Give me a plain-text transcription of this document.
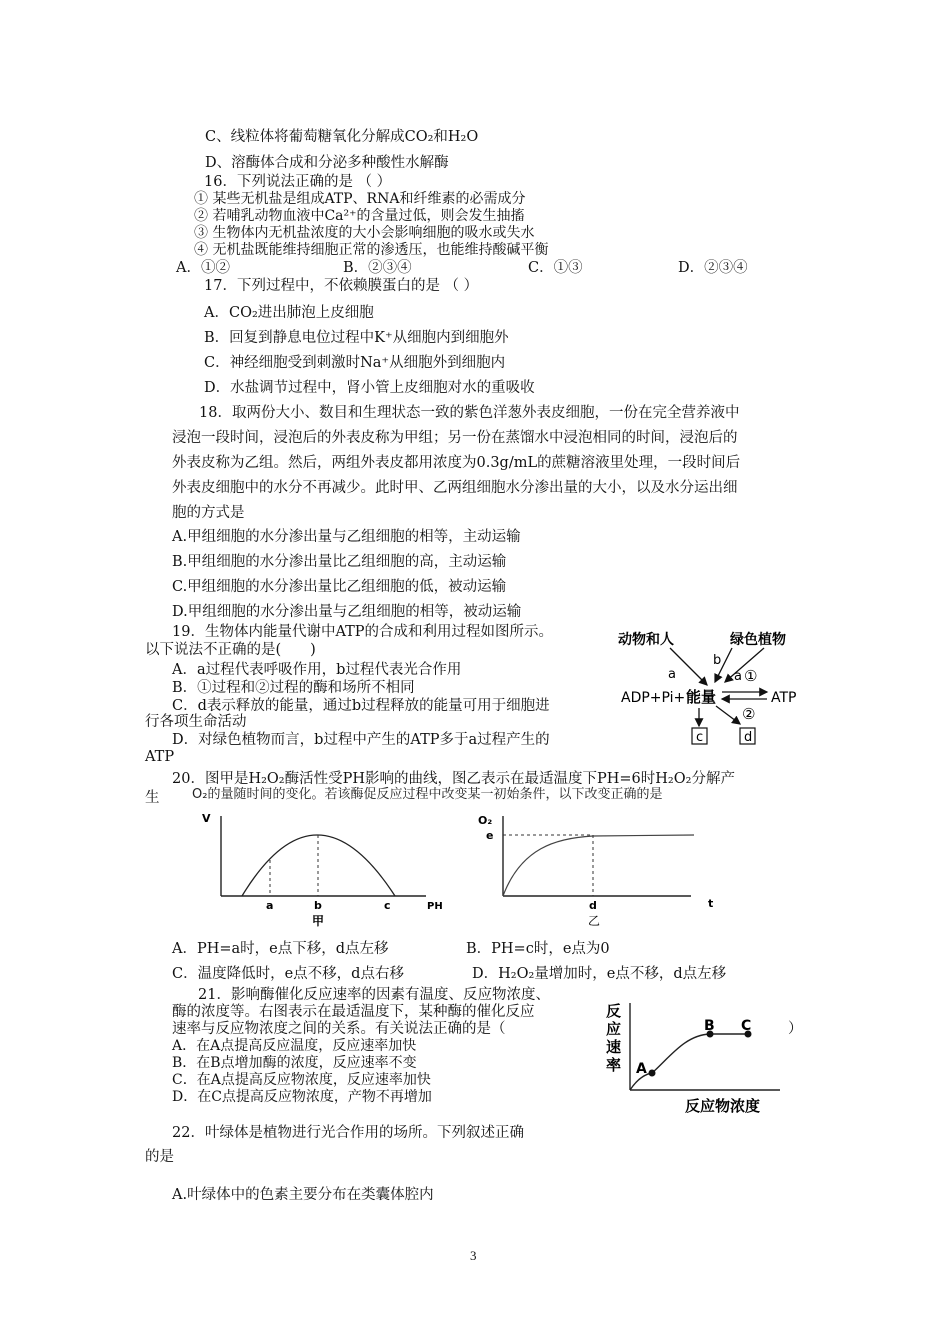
C、线粒体将葡萄糖氧化分解成CO₂和H₂O
D、溶酶体合成和分泌多种酸性水解酶
16．下列说法正确的是 （ ）
① 某些无机盐是组成ATP、RNA和纤维素的必需成分
② 若哺乳动物血液中Ca²⁺的含量过低，则会发生抽搐
③ 生物体内无机盐浓度的大小会影响细胞的吸水或失水
④ 无机盐既能维持细胞正常的渗透压，也能维持酸碱平衡
A．①②	B．②③④	C．①③	D．②③④
17．下列过程中，不依赖膜蛋白的是 （ ）
A．CO₂进出肺泡上皮细胞
B．回复到静息电位过程中K⁺从细胞内到细胞外
C．神经细胞受到刺激时Na⁺从细胞外到细胞内
D．水盐调节过程中，肾小管上皮细胞对水的重吸收
18．取两份大小、数目和生理状态一致的紫色洋葱外表皮细胞，一份在完全营养液中
浸泡一段时间，浸泡后的外表皮称为甲组；另一份在蒸馏水中浸泡相同的时间，浸泡后的
外表皮称为乙组。然后，两组外表皮都用浓度为0.3g/mL的蔗糖溶液里处理，一段时间后
外表皮细胞中的水分不再减少。此时甲、乙两组细胞水分渗出量的大小，以及水分运出细
胞的方式是
A.甲组细胞的水分渗出量与乙组细胞的相等，主动运输
B.甲组细胞的水分渗出量比乙组细胞的高，主动运输
C.甲组细胞的水分渗出量比乙组细胞的低，被动运输
D.甲组细胞的水分渗出量与乙组细胞的相等，被动运输
19．生物体内能量代谢中ATP的合成和利用过程如图所示。
以下说法不正确的是(　　)
A．a过程代表呼吸作用，b过程代表光合作用
B．①过程和②过程的酶和场所不相同
C．d表示释放的能量，通过b过程释放的能量可用于细胞进
行各项生命活动
D．对绿色植物而言，b过程中产生的ATP多于a过程产生的
ATP
动物和人	绿色植物
a
b
a ①
ADP+Pi+ 能量	ATP
②
c	d
20．图甲是H₂O₂酶活性受PH影响的曲线，图乙表示在最适温度下PH=6时H₂O₂分解产
生	O₂的量随时间的变化。若该酶促反应过程中改变某一初始条件，以下改变正确的是
V
a	b	c	PH
甲
O₂
e
d	t
乙
A．PH=a时，e点下移，d点左移	B．PH=c时，e点为0
C．温度降低时，e点不移，d点右移	D．H₂O₂量增加时，e点不移，d点左移
21．影响酶催化反应速率的因素有温度、反应物浓度、
酶的浓度等。右图表示在最适温度下，某种酶的催化反应
速率与反应物浓度之间的关系。有关说法正确的是（	）
A．在A点提高反应温度，反应速率加快
B．在B点增加酶的浓度，反应速率不变
C．在A点提高反应物浓度，反应速率加快
D．在C点提高反应物浓度，产物不再增加
反
应
速
率 A
B C
反应物浓度
22．叶绿体是植物进行光合作用的场所。下列叙述正确
的是
A.叶绿体中的色素主要分布在类囊体腔内
3
